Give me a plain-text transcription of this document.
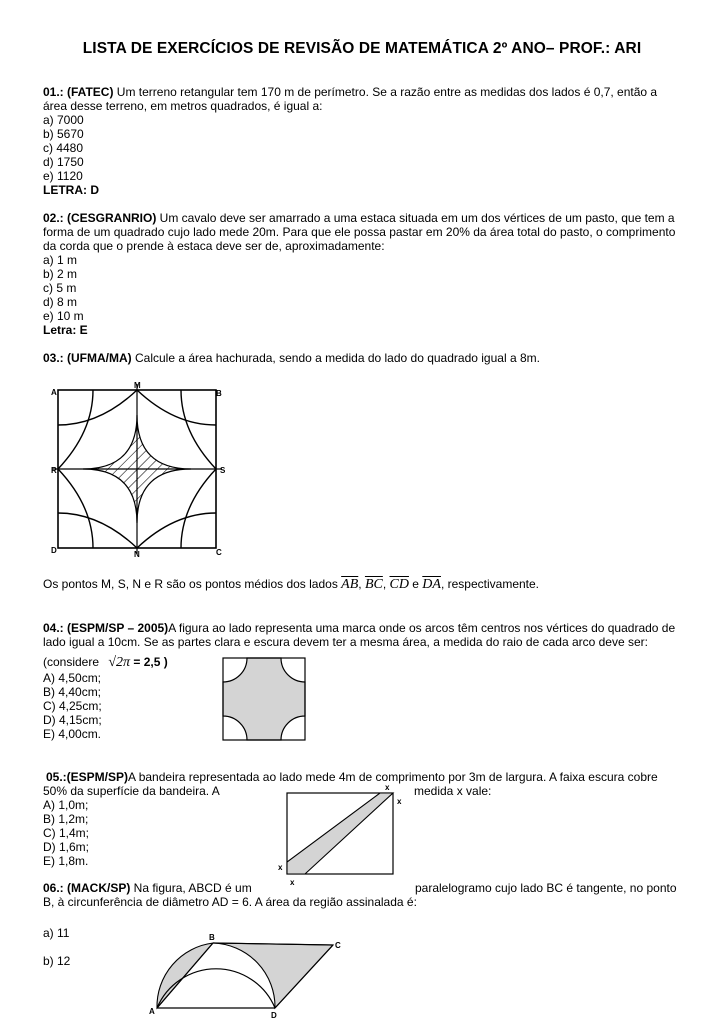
LISTA DE EXERCÍCIOS DE REVISÃO DE MATEMÁTICA 2º ANO– PROF.: ARI
01.: (FATEC) Um terreno retangular tem 170 m de perímetro. Se a razão entre as medidas dos lados é 0,7, então a área desse terreno, em metros quadrados, é igual a:
a) 7000
b) 5670
c) 4480
d) 1750
e) 1120
LETRA: D
02.: (CESGRANRIO) Um cavalo deve ser amarrado a uma estaca situada em um dos vértices de um pasto, que tem a forma de um quadrado cujo lado mede 20m. Para que ele possa pastar em 20% da área total do pasto, o comprimento da corda que o prende à estaca deve ser de, aproximadamente:
a) 1 m
b) 2 m
c) 5 m
d) 8 m
e) 10 m
Letra: E
03.: (UFMA/MA) Calcule a área hachurada, sendo a medida do lado do quadrado igual a 8m.
A	B
C
D
M
N
R	S
Os pontos M, S, N e R são os pontos médios dos lados $\overline{AB}$, $\overline{BC}$, $\overline{CD}$ e $\overline{DA}$, respectivamente.
04.: (ESPM/SP – 2005)A figura ao lado representa uma marca onde os arcos têm centros nos vértices do quadrado de lado igual a 10cm. Se as partes clara e escura devem ter a mesma área, a medida do raio de cada arco deve ser:
(considere √2π = 2,5 )
A) 4,50cm;
B) 4,40cm;
C) 4,25cm;
D) 4,15cm;
E) 4,00cm.
05.:(ESPM/SP)A bandeira representada ao lado mede 4m de comprimento por 3m de largura. A faixa escura cobre
50% da superfície da bandeira. A	medida x vale:
A) 1,0m;
B) 1,2m;
C) 1,4m;
D) 1,6m;
E) 1,8m.
x
x
x
x
06.: (MACK/SP) Na figura, ABCD é um	paralelogramo cujo lado BC é tangente, no ponto
B, à circunferência de diâmetro AD = 6. A área da região assinalada é:
a) 11
b) 12
A
B
C
D
